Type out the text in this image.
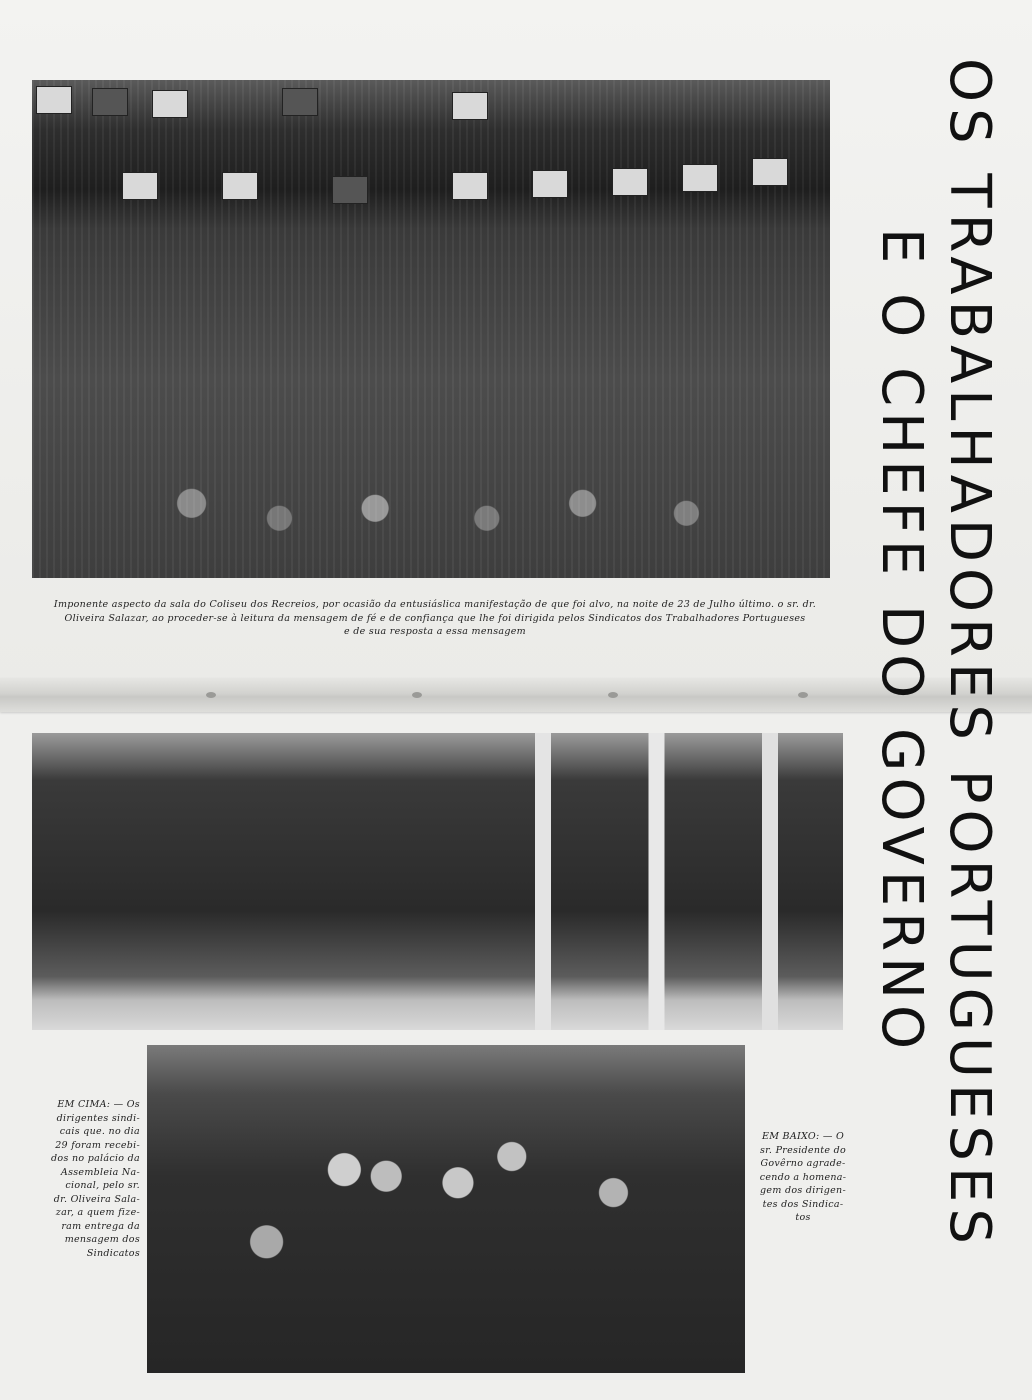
Imponente aspecto da sala do Coliseu dos Recreios, por ocasião da entusiáslica manifestação de que foi alvo, na noite de 23 de Julho último. o sr. dr.
Oliveira Salazar, ao proceder-se à leitura da mensagem de fé e de confiança que lhe foi dirigida pelos Sindicatos dos Trabalhadores Portugueses
e de sua resposta a essa mensagem
EM CIMA: — Os
dirigentes sindi-
cais que. no dia
29 foram recebi-
dos no palácio da
Assembleia Na-
cional, pelo sr.
dr. Oliveira Sala-
zar, a quem fize-
ram entrega da
mensagem dos
Sindicatos
EM BAIXO: — O
sr. Presidente do
Govêrno agrade-
cendo a homena-
gem dos dirigen-
tes dos Sindica-
tos	OS TRABALHADORES PORTUGUESES
E O CHEFE DO GOVERNO
